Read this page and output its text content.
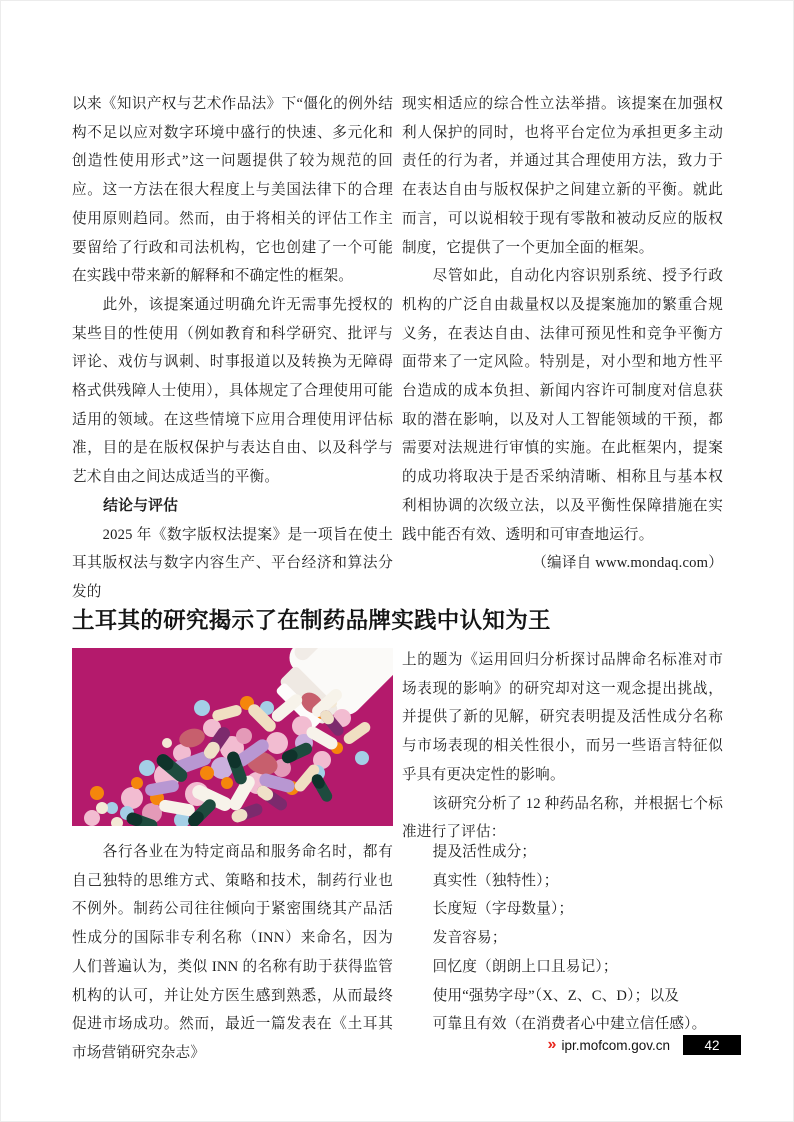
以来《知识产权与艺术作品法》下“僵化的例外结构不足以应对数字环境中盛行的快速、多元化和创造性使用形式”这一问题提供了较为规范的回应。这一方法在很大程度上与美国法律下的合理使用原则趋同。然而，由于将相关的评估工作主要留给了行政和司法机构，它也创建了一个可能在实践中带来新的解释和不确定性的框架。

此外，该提案通过明确允许无需事先授权的某些目的性使用（例如教育和科学研究、批评与评论、戏仿与讽刺、时事报道以及转换为无障碍格式供残障人士使用），具体规定了合理使用可能适用的领域。在这些情境下应用合理使用评估标准，目的是在版权保护与表达自由、以及科学与艺术自由之间达成适当的平衡。

结论与评估

2025 年《数字版权法提案》是一项旨在使土耳其版权法与数字内容生产、平台经济和算法分发的

现实相适应的综合性立法举措。该提案在加强权利人保护的同时，也将平台定位为承担更多主动责任的行为者，并通过其合理使用方法，致力于在表达自由与版权保护之间建立新的平衡。就此而言，可以说相较于现有零散和被动反应的版权制度，它提供了一个更加全面的框架。

尽管如此，自动化内容识别系统、授予行政机构的广泛自由裁量权以及提案施加的繁重合规义务，在表达自由、法律可预见性和竞争平衡方面带来了一定风险。特别是，对小型和地方性平台造成的成本负担、新闻内容许可制度对信息获取的潜在影响，以及对人工智能领域的干预，都需要对法规进行审慎的实施。在此框架内，提案的成功将取决于是否采纳清晰、相称且与基本权利相协调的次级立法，以及平衡性保障措施在实践中能否有效、透明和可审查地运行。

（编译自 www.mondaq.com）

土耳其的研究揭示了在制药品牌实践中认知为王

上的题为《运用回归分析探讨品牌命名标准对市场表现的影响》的研究却对这一观念提出挑战，并提供了新的见解，研究表明提及活性成分名称与市场表现的相关性很小，而另一些语言特征似乎具有更决定性的影响。

该研究分析了 12 种药品名称，并根据七个标准进行了评估：

各行各业在为特定商品和服务命名时，都有自己独特的思维方式、策略和技术，制药行业也不例外。制药公司往往倾向于紧密围绕其产品活性成分的国际非专利名称（INN）来命名，因为人们普遍认为，类似 INN 的名称有助于获得监管机构的认可，并让处方医生感到熟悉，从而最终促进市场成功。然而，最近一篇发表在《土耳其市场营销研究杂志》

提及活性成分；

真实性（独特性）；

长度短（字母数量）；

发音容易；

回忆度（朗朗上口且易记）；

使用“强势字母”（X、Z、C、D）；以及

可靠且有效（在消费者心中建立信任感）。

» ipr.mofcom.gov.cn	42
